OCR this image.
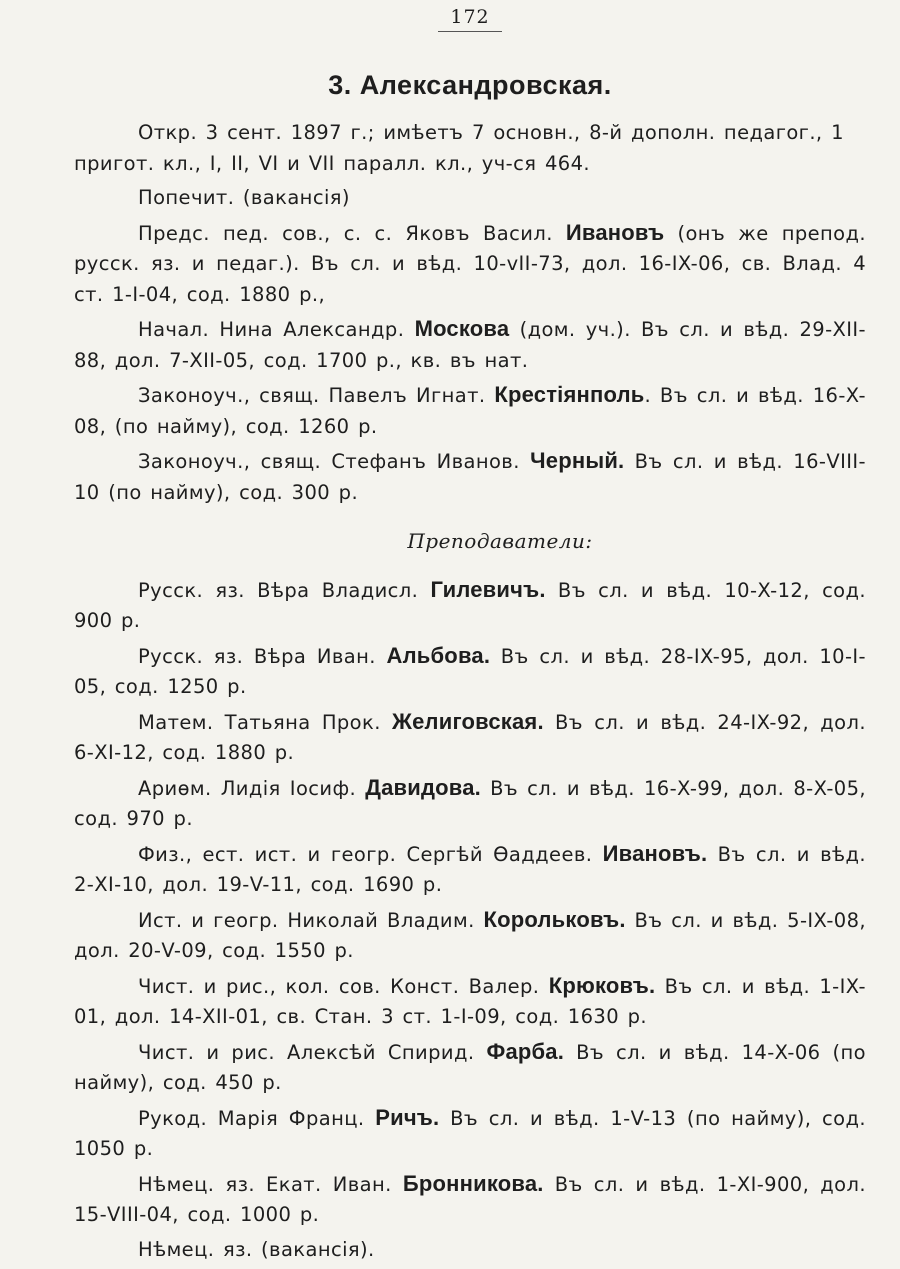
172
3. Александровская.

Откр. 3 сент. 1897 г.; имѣетъ 7 основн., 8-й дополн. педагог., 1 пригот. кл., I, II, VI и VII паралл. кл., уч-ся 464.

Попечит. (вакансія)

Предс. пед. сов., с. с. Яковъ Васил. Ивановъ (онъ же препод. русск. яз. и педаг.). Въ сл. и вѣд. 10-vII-73, дол. 16-IX-06, св. Влад. 4 ст. 1-I-04, сод. 1880 р.,

Начал. Нина Александр. Москова (дом. уч.). Въ сл. и вѣд. 29-XII-88, дол. 7-XII-05, сод. 1700 р., кв. въ нат.

Законоуч., свящ. Павелъ Игнат. Крестіянполь. Въ сл. и вѣд. 16-X-08, (по найму), сод. 1260 р.

Законоуч., свящ. Стефанъ Иванов. Черный. Въ сл. и вѣд. 16-VIII-10 (по найму), сод. 300 р.

Преподаватели:

Русск. яз. Вѣра Владисл. Гилевичъ. Въ сл. и вѣд. 10-X-12, сод. 900 р.

Русск. яз. Вѣра Иван. Альбова. Въ сл. и вѣд. 28-IX-95, дол. 10-I-05, сод. 1250 р.

Матем. Татьяна Прок. Желиговская. Въ сл. и вѣд. 24-IX-92, дол. 6-XI-12, сод. 1880 р.

Ариѳм. Лидія Іосиф. Давидова. Въ сл. и вѣд. 16-X-99, дол. 8-X-05, сод. 970 р.

Физ., ест. ист. и геогр. Сергѣй Ѳаддеев. Ивановъ. Въ сл. и вѣд. 2-XI-10, дол. 19-V-11, сод. 1690 р.

Ист. и геогр. Николай Владим. Корольковъ. Въ сл. и вѣд. 5-IX-08, дол. 20-V-09, сод. 1550 р.

Чист. и рис., кол. сов. Конст. Валер. Крюковъ. Въ сл. и вѣд. 1-IX-01, дол. 14-XII-01, св. Стан. 3 ст. 1-I-09, сод. 1630 р.

Чист. и рис. Алексѣй Спирид. Фарба. Въ сл. и вѣд. 14-X-06 (по найму), сод. 450 р.

Рукод. Марія Франц. Ричъ. Въ сл. и вѣд. 1-V-13 (по найму), сод. 1050 р.

Нѣмец. яз. Екат. Иван. Бронникова. Въ сл. и вѣд. 1-XI-900, дол. 15-VIII-04, сод. 1000 р.

Нѣмец. яз. (вакансія).
